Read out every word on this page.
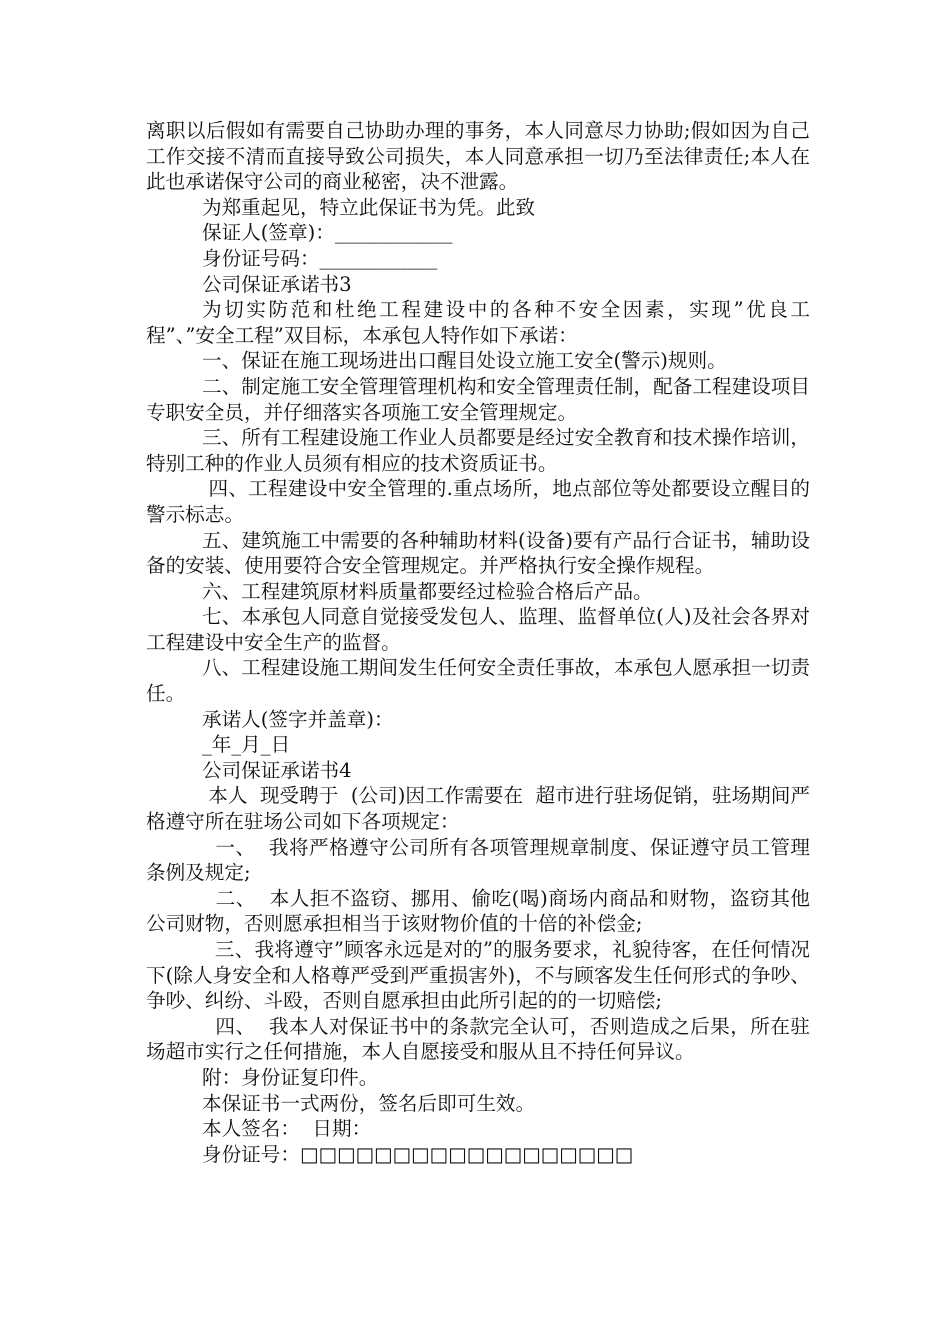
离职以后假如有需要自己协助办理的事务，本人同意尽力协助;假如因为自己工作交接不清而直接导致公司损失，本人同意承担一切乃至法律责任;本人在此也承诺保守公司的商业秘密，决不泄露。

为郑重起见，特立此保证书为凭。此致

保证人(签章)：____________

身份证号码：____________

公司保证承诺书3

为切实防范和杜绝工程建设中的各种不安全因素，实现”优良工程”、”安全工程”双目标，本承包人特作如下承诺：

一、保证在施工现场进出口醒目处设立施工安全(警示)规则。

二、制定施工安全管理管理机构和安全管理责任制，配备工程建设项目专职安全员，并仔细落实各项施工安全管理规定。

三、所有工程建设施工作业人员都要是经过安全教育和技术操作培训，特别工种的作业人员须有相应的技术资质证书。

四、工程建设中安全管理的.重点场所，地点部位等处都要设立醒目的警示标志。

五、建筑施工中需要的各种辅助材料(设备)要有产品行合证书，辅助设备的安装、使用要符合安全管理规定。并严格执行安全操作规程。

六、工程建筑原材料质量都要经过检验合格后产品。

七、本承包人同意自觉接受发包人、监理、监督单位(人)及社会各界对工程建设中安全生产的监督。

八、工程建设施工期间发生任何安全责任事故，本承包人愿承担一切责任。

承诺人(签字并盖章)：

_年_月_日

公司保证承诺书4

本人  现受聘于  (公司)因工作需要在  超市进行驻场促销，驻场期间严格遵守所在驻场公司如下各项规定：

一、  我将严格遵守公司所有各项管理规章制度、保证遵守员工管理条例及规定;

二、  本人拒不盗窃、挪用、偷吃(喝)商场内商品和财物，盗窃其他公司财物，否则愿承担相当于该财物价值的十倍的补偿金;

三、我将遵守”顾客永远是对的”的服务要求，礼貌待客，在任何情况下(除人身安全和人格尊严受到严重损害外)，不与顾客发生任何形式的争吵、争吵、纠纷、斗殴，否则自愿承担由此所引起的的一切赔偿;

四、  我本人对保证书中的条款完全认可，否则造成之后果，所在驻场超市实行之任何措施，本人自愿接受和服从且不持任何异议。

附：身份证复印件。

本保证书一式两份，签名后即可生效。

本人签名：  日期：

身份证号：□□□□□□□□□□□□□□□□□□
